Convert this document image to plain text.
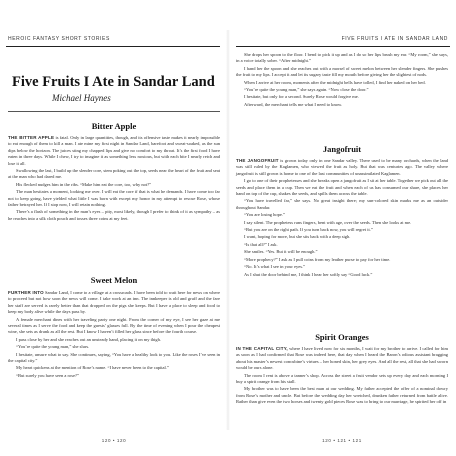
HEROIC FANTASY SHORT STORIES
Five Fruits I Ate in Sandar Land
Michael Haynes
Bitter Apple

THE BITTER APPLE is fatal. Only in large quantities, though, and its offensive taste makes it nearly impossible to eat enough of them to kill a man. I ate mine my first night in Sandar Land, barefoot and sweat-soaked, as the sun dips below the horizon. The juices sting my chapped lips and give no comfort to my throat. It’s the first food I have eaten in three days. While I chew, I try to imagine it as something less noxious, but with each bite I nearly retch and lose it all.

Swallowing the last, I build up the slender core, stem poking out the top, seeds near the heart of the fruit and seat at the man who had dared me.

His flecked nudges him in the ribs. “Make him eat the core, too, why not?”

The man hesitates a moment, looking me over. I will eat the core if that is what he demands. I have come too far not to keep going, have yielded what little I was born with except my honor in my attempt to rescue Rose, whose father betrayed her. If I stop now, I will retain nothing.

There’s a flash of something in the man’s eyes – pity, most likely, though I prefer to think of it as sympathy – as he reaches into a silk cloth pouch and tosses three coins at my feet.

Sweet Melon

FURTHER INTO Sandar Land, I come to a village at a crossroads. I have been told to wait here for news on where to proceed but not how soon the news will come. I take work at an inn. The innkeeper is old and gruff and the fare her staff are served is rarely better than that dropped on the pigs she keeps. But I have a place to sleep and food to keep my body alive while the days pass by.

A female merchant dines with her traveling party one night. From the corner of my eye, I see her gaze at me several times as I serve the food and keep the guests’ glasses full. By the time of evening when I pour the cheapest wine, she sets as drunk as all the rest. But I know I haven’t filled her glass since before the fourth course.

I pass close by her and she reaches out an unsteady hand, placing it on my thigh.

“You’re quite the young man,” she slurs.

I hesitate, unsure what to say. She continues, saying, “You have a healthy look to you. Like the roses I’ve seen in the capital city.”

My heart quickens at the mention of Rose’s name. “I have never been to the capital.”

“But surely you have seen a rose?”

120 • 120
FIVE FRUITS I ATE IN SANDAR LAND

She drops her spoon to the floor. I bend to pick it up and as I do so her lips brush my ear. “My room,” she says, in a voice totally sober. “After midnight.”

I hand her the spoon and she reaches out with a morsel of sweet melon between her slender fingers. She pushes the fruit to my lips. I accept it and let its sugary taste fill my mouth before giving her the slightest of nods.

When I arrive at her room, moments after the midnight bells have tolled, I find her naked on her bed.

“You’re quite the young man,” she says again. “Now close the door.”

I hesitate, but only for a second. Surely Rose would forgive me.

Afterward, the merchant tells me what I need to know.

Jangofruit

THE JANGOFRUIT is grown today only in one Sandar valley. There used to be many orchards, when the land was still ruled by the Kaglamen, who viewed the fruit as holy. But that was centuries ago. The valley where jangofruit is still grown is home to one of the last communities of unassimilated Kaglamen.

I go to one of their prophetesses and she breaks open a jangofruit as I sit at her table. Together we pick out all the seeds and place them in a cup. Then we eat the fruit and when each of us has consumed our share, she places her hand on top of the cup, shakes the seeds, and spills them across the table.

“You have travelled far,” she says. No great insight there; my sun-colored skin marks me as an outsider throughout Sandar.

“You are losing hope.”

I say silent. The prophetess runs fingers, bent with age, over the seeds. Then she looks at me.

“But you are on the right path. If you turn back now, you will regret it.”

I want, hoping for more, but she sits back with a deep sigh.

“Is that all?” I ask.

She smiles. “Yes. But it will be enough.”

“More prophecy?” I ask as I pull coins from my leather purse to pay for her time.

“No. It’s what I see in your eyes.”

As I shut the door behind me, I think I hear her softly say “Good luck.”

Spirit Oranges

IN THE CAPITAL CITY, where I have lived now for six months, I wait for my brother to arrive. I called for him as soon as I had confirmed that Rose was indeed here, that day when I heard the Baron’s odious assistant bragging about his master’s newest concubine’s virtues – her honed skin, her grey eyes. And all the rest, all that she had sworn would be ours alone.

The room I rent is above a tanner’s shop. Across the street a fruit vendor sets up every day and each morning I buy a spirit orange from his stall.

My brother was to have been the best man at our wedding. My father accepted the offer of a nominal dowry from Rose’s mother and uncle. But before the wedding day her wretched, drunken father returned from battle alive. Rather than give even the two horses and twenty gold pieces Rose was to bring to our marriage, he spirited her off in

120 • 121 • 121
